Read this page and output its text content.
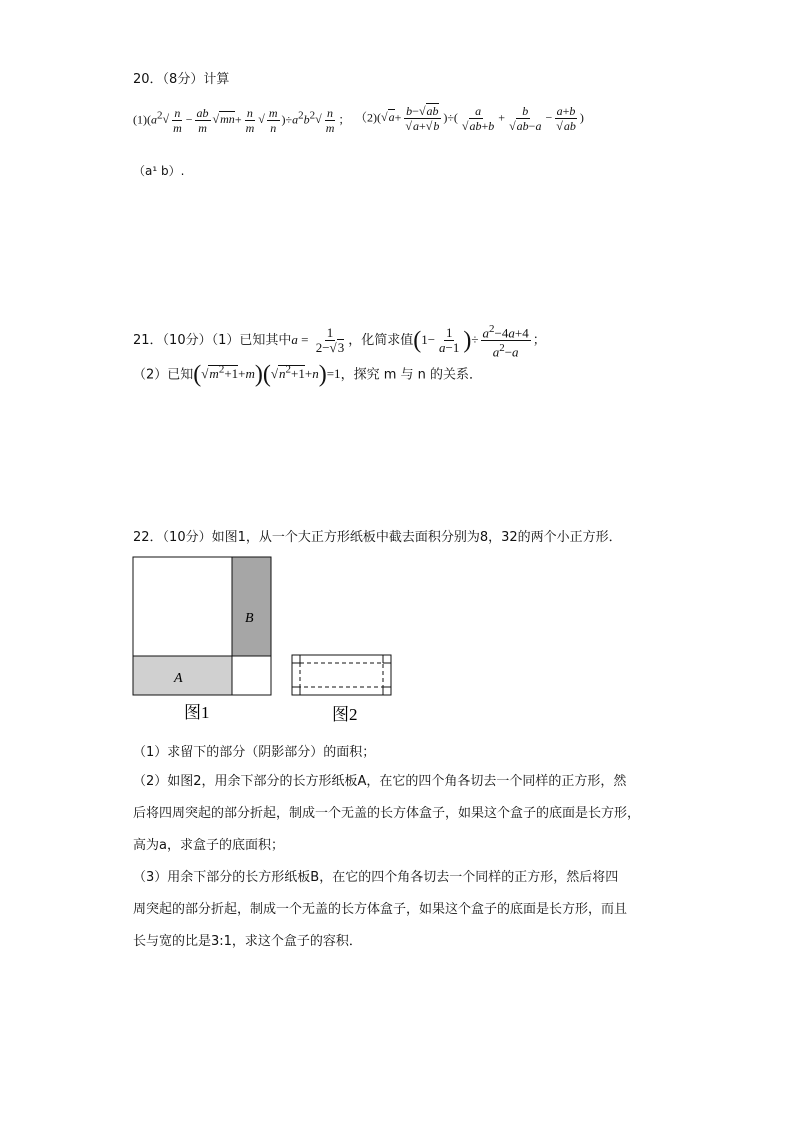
20．（8分）计算
$(1)(a^2√ \frac{n}{m} - \frac{ab}{m}$
√ $mn+ \frac{n}{m}$
√ $\frac{m}{n} )\div a^2b^2√ \frac{n}{m}$ ； （2)(√ a+ b−√ ab
√ a+√ b )÷( a
√ ab+b + b
√ ab−a − a+b
√ ab )
（a¹ b）.
21．（10分）（1）已知其中$a = \frac{1}{2-√ 3}$ ，化简求值($1- \frac{1}{a-1}$ )÷ $\frac{a^2-4a+4}{a^2-a}$ ；
（2）已知(√ $m^2+1+m)(√$ $n^2+1+n)=1$，探究 m 与 n 的关系．
22．（10分）如图1，从一个大正方形纸板中截去面积分别为8，32的两个小正方形．
B
A
图1	图2
（1）求留下的部分（阴影部分）的面积；
（2）如图2，用余下部分的长方形纸板A，在它的四个角各切去一个同样的正方形，然
后将四周突起的部分折起，制成一个无盖的长方体盒子，如果这个盒子的底面是长方形，
高为a，求盒子的底面积；
（3）用余下部分的长方形纸板B，在它的四个角各切去一个同样的正方形，然后将四
周突起的部分折起，制成一个无盖的长方体盒子，如果这个盒子的底面是长方形，而且
长与宽的比是3:1，求这个盒子的容积．
